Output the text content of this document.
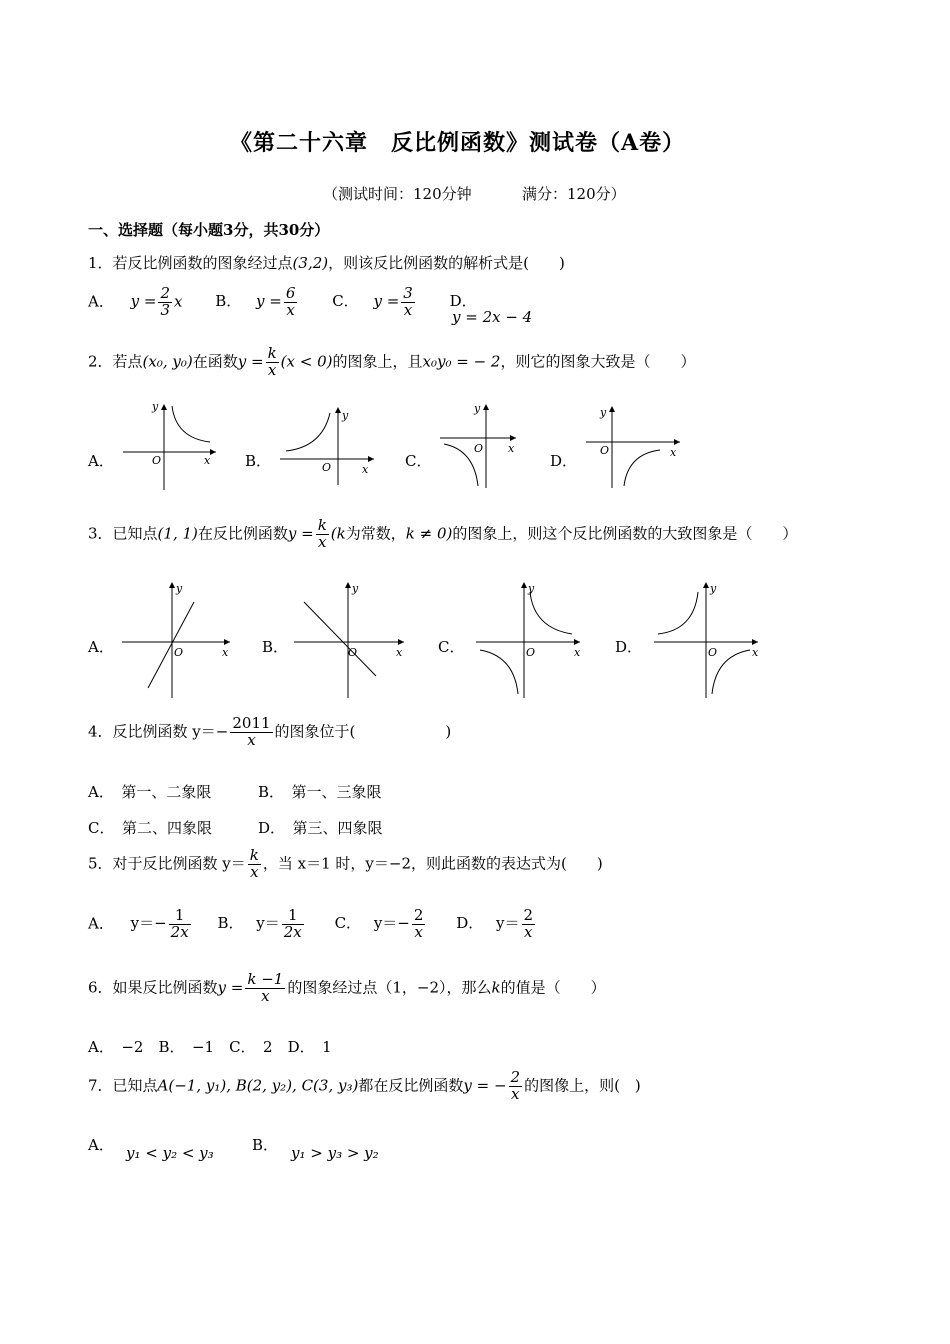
《第二十六章　反比例函数》测试卷（A卷）
（测试时间：120分钟	满分：120分）
一、选择题（每小题3分，共30分）
1．若反比例函数的图象经过点(3,2)，则该反比例函数的解析式是(　　)
A． $y = \frac{2}{3}$ x B． $y = \frac{6}{x}$ C． $y = \frac{3}{x}$ D．
y = 2x − 4
2．若点(x₀, y₀)在函数$y = \frac{k}{x} (x < 0)$的图象上，且x₀y₀ = − 2，则它的图象大致是（　　）
A．
y
x
O	B．
y
x
O	C．
y
x
O
D．
y
x
O
3．已知点(1, 1)在反比例函数$y = \frac{k}{x} (k$为常数，k ≠ 0)的图象上，则这个反比例函数的大致图象是（　　）
A．
y
x
O	B．
y
x
O	C．
y
x
O	D．
y
x
O
4．反比例函数 $y=- \frac{2011}{x}$ 的图象位于(　　　　　　)
A．　第一、二象限	B．　第一、三象限
C．　第二、四象限	D．　第三、四象限
5．对于反比例函数 $y= \frac{k}{x}$ ，当 x＝1 时，y＝−2，则此函数的表达式为(　　)
A． $y=- \frac{1}{2x}$ B． $y= \frac{1}{2x}$ C． $y=- \frac{2}{x}$ D． $y= \frac{2}{x}$
6．如果反比例函数$y = \frac{k -1}{x}$ 的图象经过点（1，−2），那么k的值是（　　）
A．　−2　B．　−1　C．　2　D．　1
7．已知点A(−1, y₁), B(2, y₂), C(3, y₃)都在反比例函数y = − $\frac{2}{x}$ 的图像上，则(　)
A． y₁ < y₂ < y₃	B． y₁ > y₃ > y₂
